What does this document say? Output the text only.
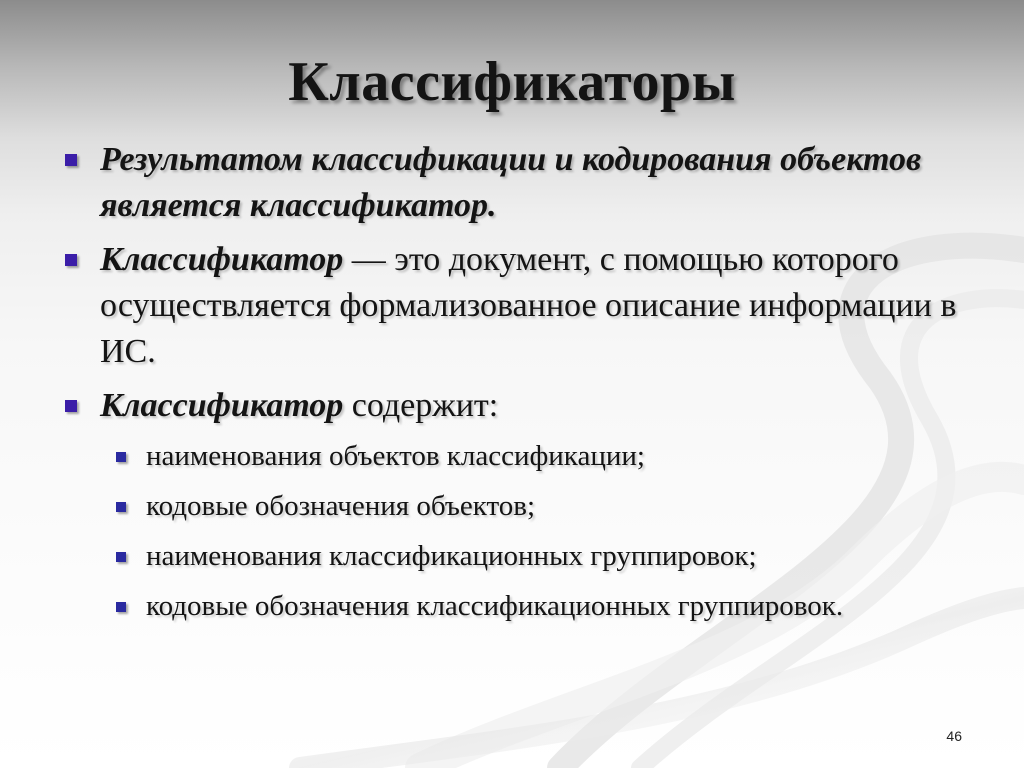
Классификаторы
Результатом классификации и кодирования объектов является классификатор.
Классификатор — это документ, с помощью которого осуществляется формализованное описание информации в ИС.
Классификатор содержит:
наименования объектов классификации;
кодовые обозначения объектов;
наименования классификационных группировок;
кодовые обозначения классификационных группировок.
46
